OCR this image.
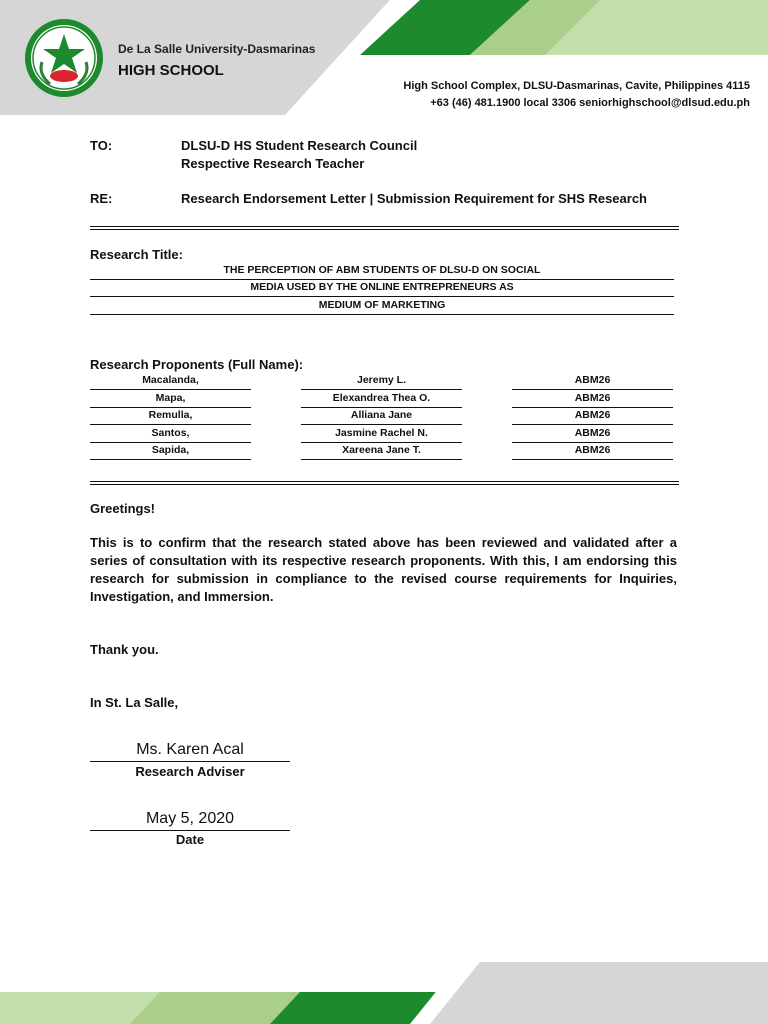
De La Salle University-Dasmarinas
HIGH SCHOOL
High School Complex, DLSU-Dasmarinas, Cavite, Philippines 4115
+63 (46) 481.1900 local 3306 seniorhighschool@dlsud.edu.ph
TO:	DLSU-D HS Student Research Council
Respective Research Teacher
RE:	Research Endorsement Letter | Submission Requirement for SHS Research
Research Title:
THE PERCEPTION OF ABM STUDENTS OF DLSU-D ON SOCIAL
MEDIA USED BY THE ONLINE ENTREPRENEURS AS
MEDIUM OF MARKETING
Research Proponents (Full Name):
Macalanda,	Jeremy L.	ABM26
Mapa,	Elexandrea Thea O.	ABM26
Remulla,	Alliana Jane	ABM26
Santos,	Jasmine Rachel N.	ABM26
Sapida,	Xareena Jane T.	ABM26
Greetings!
This is to confirm that the research stated above has been reviewed and validated after a series of consultation with its respective research proponents. With this, I am endorsing this research for submission in compliance to the revised course requirements for Inquiries, Investigation, and Immersion.
Thank you.
In St. La Salle,
Ms. Karen Acal
Research Adviser
May 5, 2020
Date
